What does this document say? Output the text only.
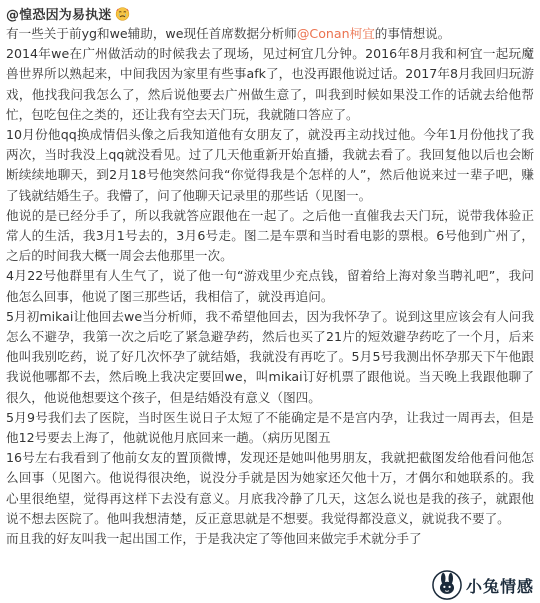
@惶恐因为易执迷

有一些关于前yg和we辅助，we现任首席数据分析师@Conan柯宜的事情想说。

2014年we在广州做活动的时候我去了现场，见过柯宜几分钟。2016年8月我和柯宜一起玩魔兽世界所以熟起来，中间我因为家里有些事afk了，也没再跟他说过话。2017年8月我回归玩游戏，他找我问我怎么了，然后说他要去广州做生意了，叫我到时候如果没工作的话就去给他帮忙，包吃包住之类的，还让我有空去天门玩，我就随口答应了。

10月份他qq换成情侣头像之后我知道他有女朋友了，就没再主动找过他。今年1月份他找了我两次，当时我没上qq就没看见。过了几天他重新开始直播，我就去看了。我回复他以后也会断断续续地聊天，到2月18号他突然问我“你觉得我是个怎样的人”，然后他说来过一辈子吧，赚了钱就结婚生子。我懵了，问了他聊天记录里的那些话（见图一。

他说的是已经分手了，所以我就答应跟他在一起了。之后他一直催我去天门玩，说带我体验正常人的生活，我3月1号去的，3月6号走。图二是车票和当时看电影的票根。6号他到广州了，之后的时间我大概一周会去他那里一次。

4月22号他群里有人生气了，说了他一句“游戏里少充点钱，留着给上海对象当聘礼吧”，我问他怎么回事，他说了图三那些话，我相信了，就没再追问。

5月初mikai让他回去we当分析师，我不希望他回去，因为我怀孕了。说到这里应该会有人问我怎么不避孕，我第一次之后吃了紧急避孕药，然后也买了21片的短效避孕药吃了一个月，后来他叫我别吃药，说了好几次怀孕了就结婚，我就没有再吃了。5月5号我测出怀孕那天下午他跟我说他哪都不去，然后晚上我决定要回we，叫mikai订好机票了跟他说。当天晚上我跟他聊了很久，他说他想要这个孩子，但是结婚没有意义（图四。

5月9号我们去了医院，当时医生说日子太短了不能确定是不是宫内孕，让我过一周再去，但是他12号要去上海了，他就说他月底回来一趟。（病历见图五

16号左右我看到了他前女友的置顶微博，发现还是她叫他男朋友，我就把截图发给他看问他怎么回事（见图六。他说得很决绝，说没分手就是因为她家还欠他十万，才偶尔和她联系的。我心里很绝望，觉得再这样下去没有意义。月底我冷静了几天，这怎么说也是我的孩子，就跟他说不想去医院了。他叫我想清楚，反正意思就是不想要。我觉得都没意义，就说我不要了。

而且我的好友叫我一起出国工作，于是我决定了等他回来做完手术就分手了

小兔情感
